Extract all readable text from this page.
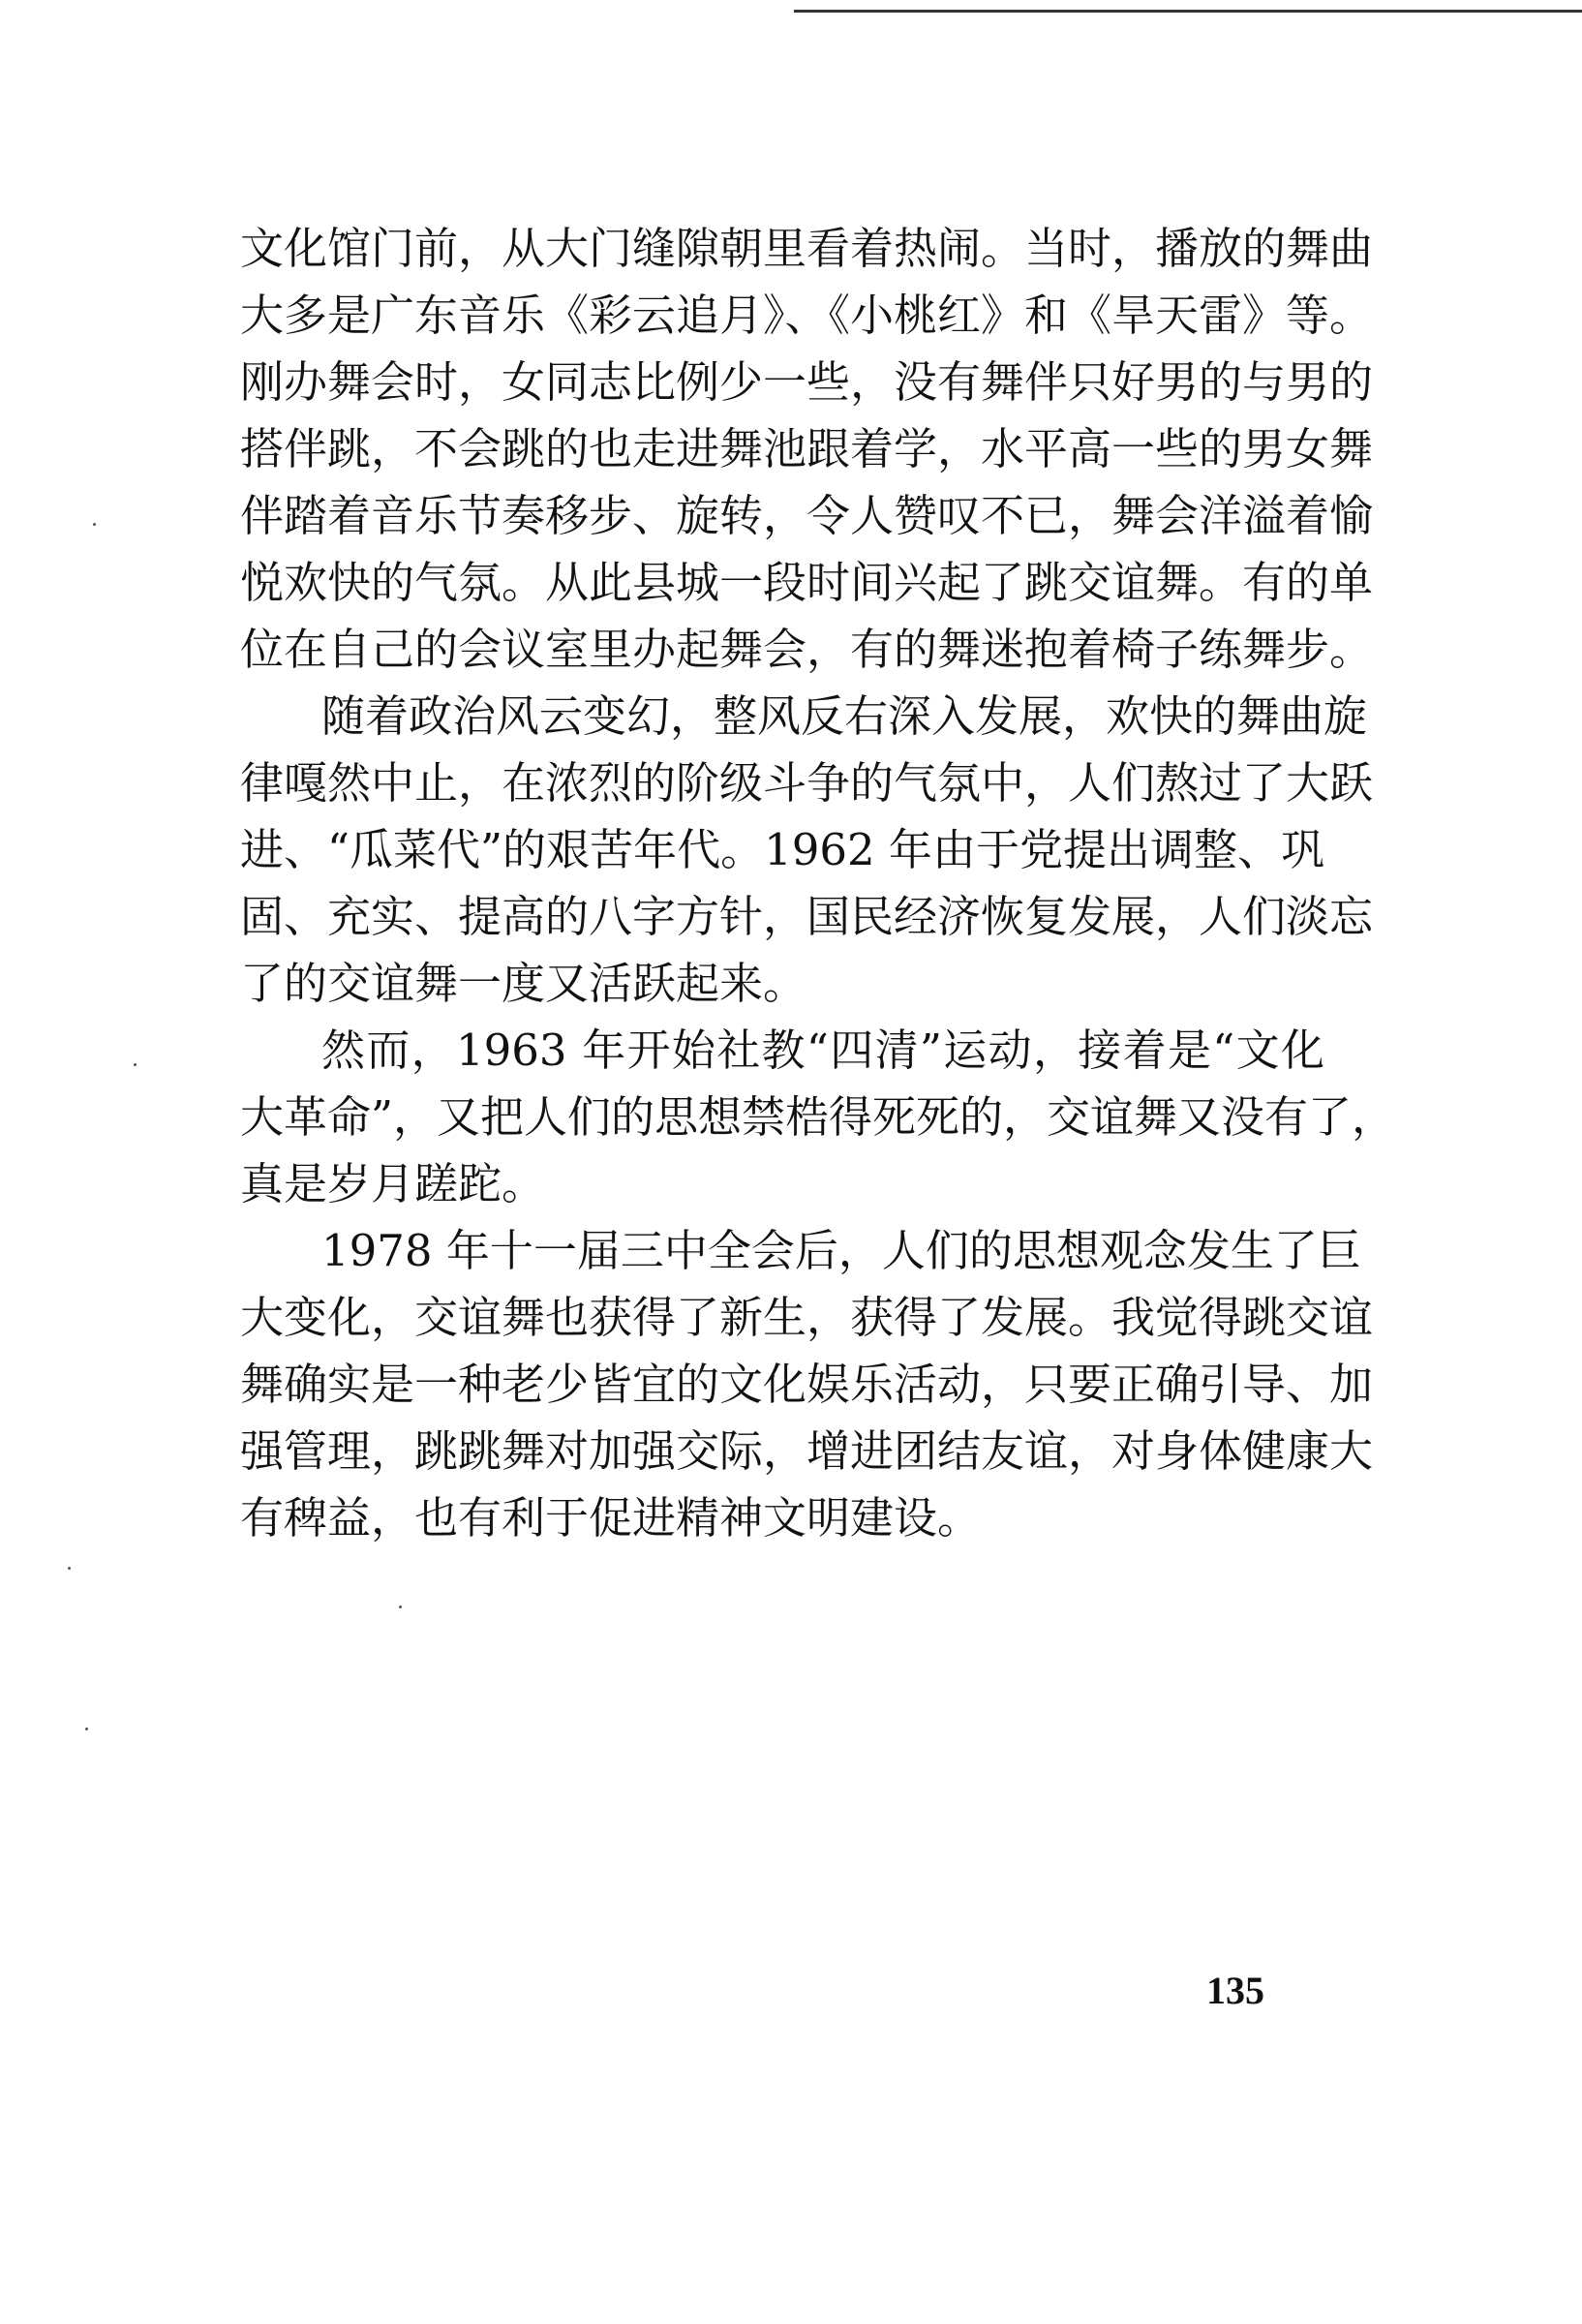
文化馆门前，从大门缝隙朝里看着热闹。当时，播放的舞曲
大多是广东音乐《彩云追月》、《小桃红》和《旱天雷》等。
刚办舞会时，女同志比例少一些，没有舞伴只好男的与男的
搭伴跳，不会跳的也走进舞池跟着学，水平高一些的男女舞
伴踏着音乐节奏移步、旋转，令人赞叹不已，舞会洋溢着愉
悦欢快的气氛。从此县城一段时间兴起了跳交谊舞。有的单
位在自己的会议室里办起舞会，有的舞迷抱着椅子练舞步。

随着政治风云变幻，整风反右深入发展，欢快的舞曲旋
律嘎然中止，在浓烈的阶级斗争的气氛中，人们熬过了大跃
进、“瓜菜代”的艰苦年代。1962 年由于党提出调整、巩
固、充实、提高的八字方针，国民经济恢复发展，人们淡忘
了的交谊舞一度又活跃起来。

然而，1963 年开始社教“四清”运动，接着是“文化
大革命”，又把人们的思想禁梏得死死的，交谊舞又没有了，
真是岁月蹉跎。

1978 年十一届三中全会后，人们的思想观念发生了巨
大变化，交谊舞也获得了新生，获得了发展。我觉得跳交谊
舞确实是一种老少皆宜的文化娱乐活动，只要正确引导、加
强管理，跳跳舞对加强交际，增进团结友谊，对身体健康大
有稗益，也有利于促进精神文明建设。

135
